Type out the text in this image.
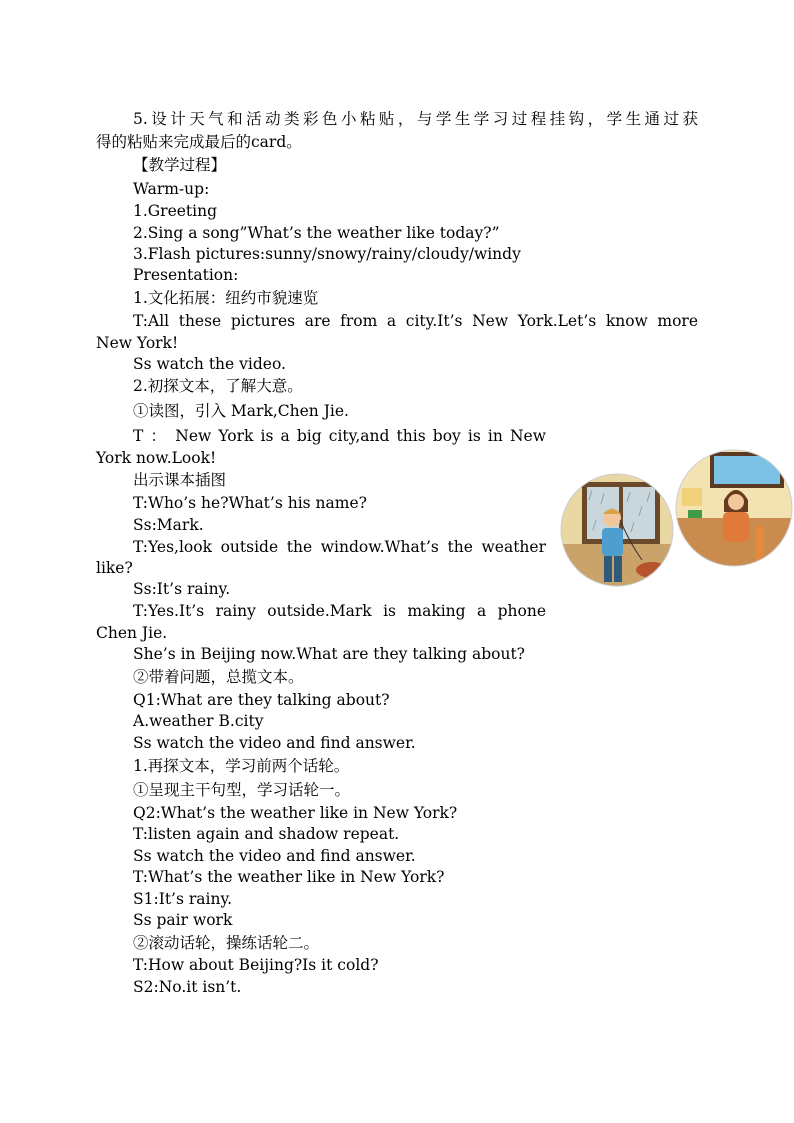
5.设计天气和活动类彩色小粘贴，与学生学习过程挂钩，学生通过获
得的粘贴来完成最后的card。
【教学过程】
Warm-up:
1.Greeting
2.Sing a song”What’s the weather like today?”
3.Flash pictures:sunny/snowy/rainy/cloudy/windy
Presentation:
1.文化拓展：纽约市貌速览
T:All these pictures are from a city.It’s New York.Let’s know more
New York!
Ss watch the video.
2.初探文本，了解大意。
①读图，引入 Mark,Chen Jie.
T ： New York is a big city,and this boy is in New
York now.Look!
出示课本插图
T:Who’s he?What’s his name?
Ss:Mark.
T:Yes,look outside the window.What’s the weather
like?
Ss:It’s rainy.
T:Yes.It’s rainy outside.Mark is making a phone
Chen Jie.
She’s in Beijing now.What are they talking about?
②带着问题，总揽文本。
Q1:What are they talking about?
A.weather B.city
Ss watch the video and find answer.
1.再探文本，学习前两个话轮。
①呈现主干句型，学习话轮一。
Q2:What’s the weather like in New York?
T:listen again and shadow repeat.
Ss watch the video and find answer.
T:What’s the weather like in New York?
S1:It’s rainy.
Ss pair work
②滚动话轮，操练话轮二。
T:How about Beijing?Is it cold?
S2:No.it isn’t.
